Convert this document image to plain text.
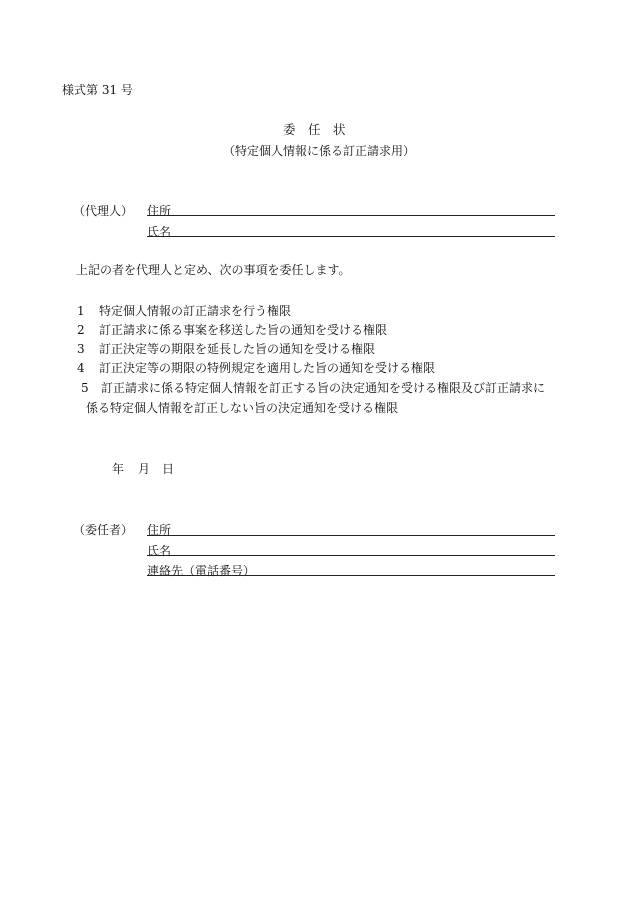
様式第 31 号
委　任　状
（特定個人情報に係る訂正請求用）
（代理人） 住所
氏名
上記の者を代理人と定め、次の事項を委任します。
1 特定個人情報の訂正請求を行う権限
2 訂正請求に係る事案を移送した旨の通知を受ける権限
3 訂正決定等の期限を延長した旨の通知を受ける権限
4 訂正決定等の期限の特例規定を適用した旨の通知を受ける権限
5 訂正請求に係る特定個人情報を訂正する旨の決定通知を受ける権限及び訂正請求に
係る特定個人情報を訂正しない旨の決定通知を受ける権限
年 月 日
（委任者） 住所
氏名
連絡先（電話番号）
